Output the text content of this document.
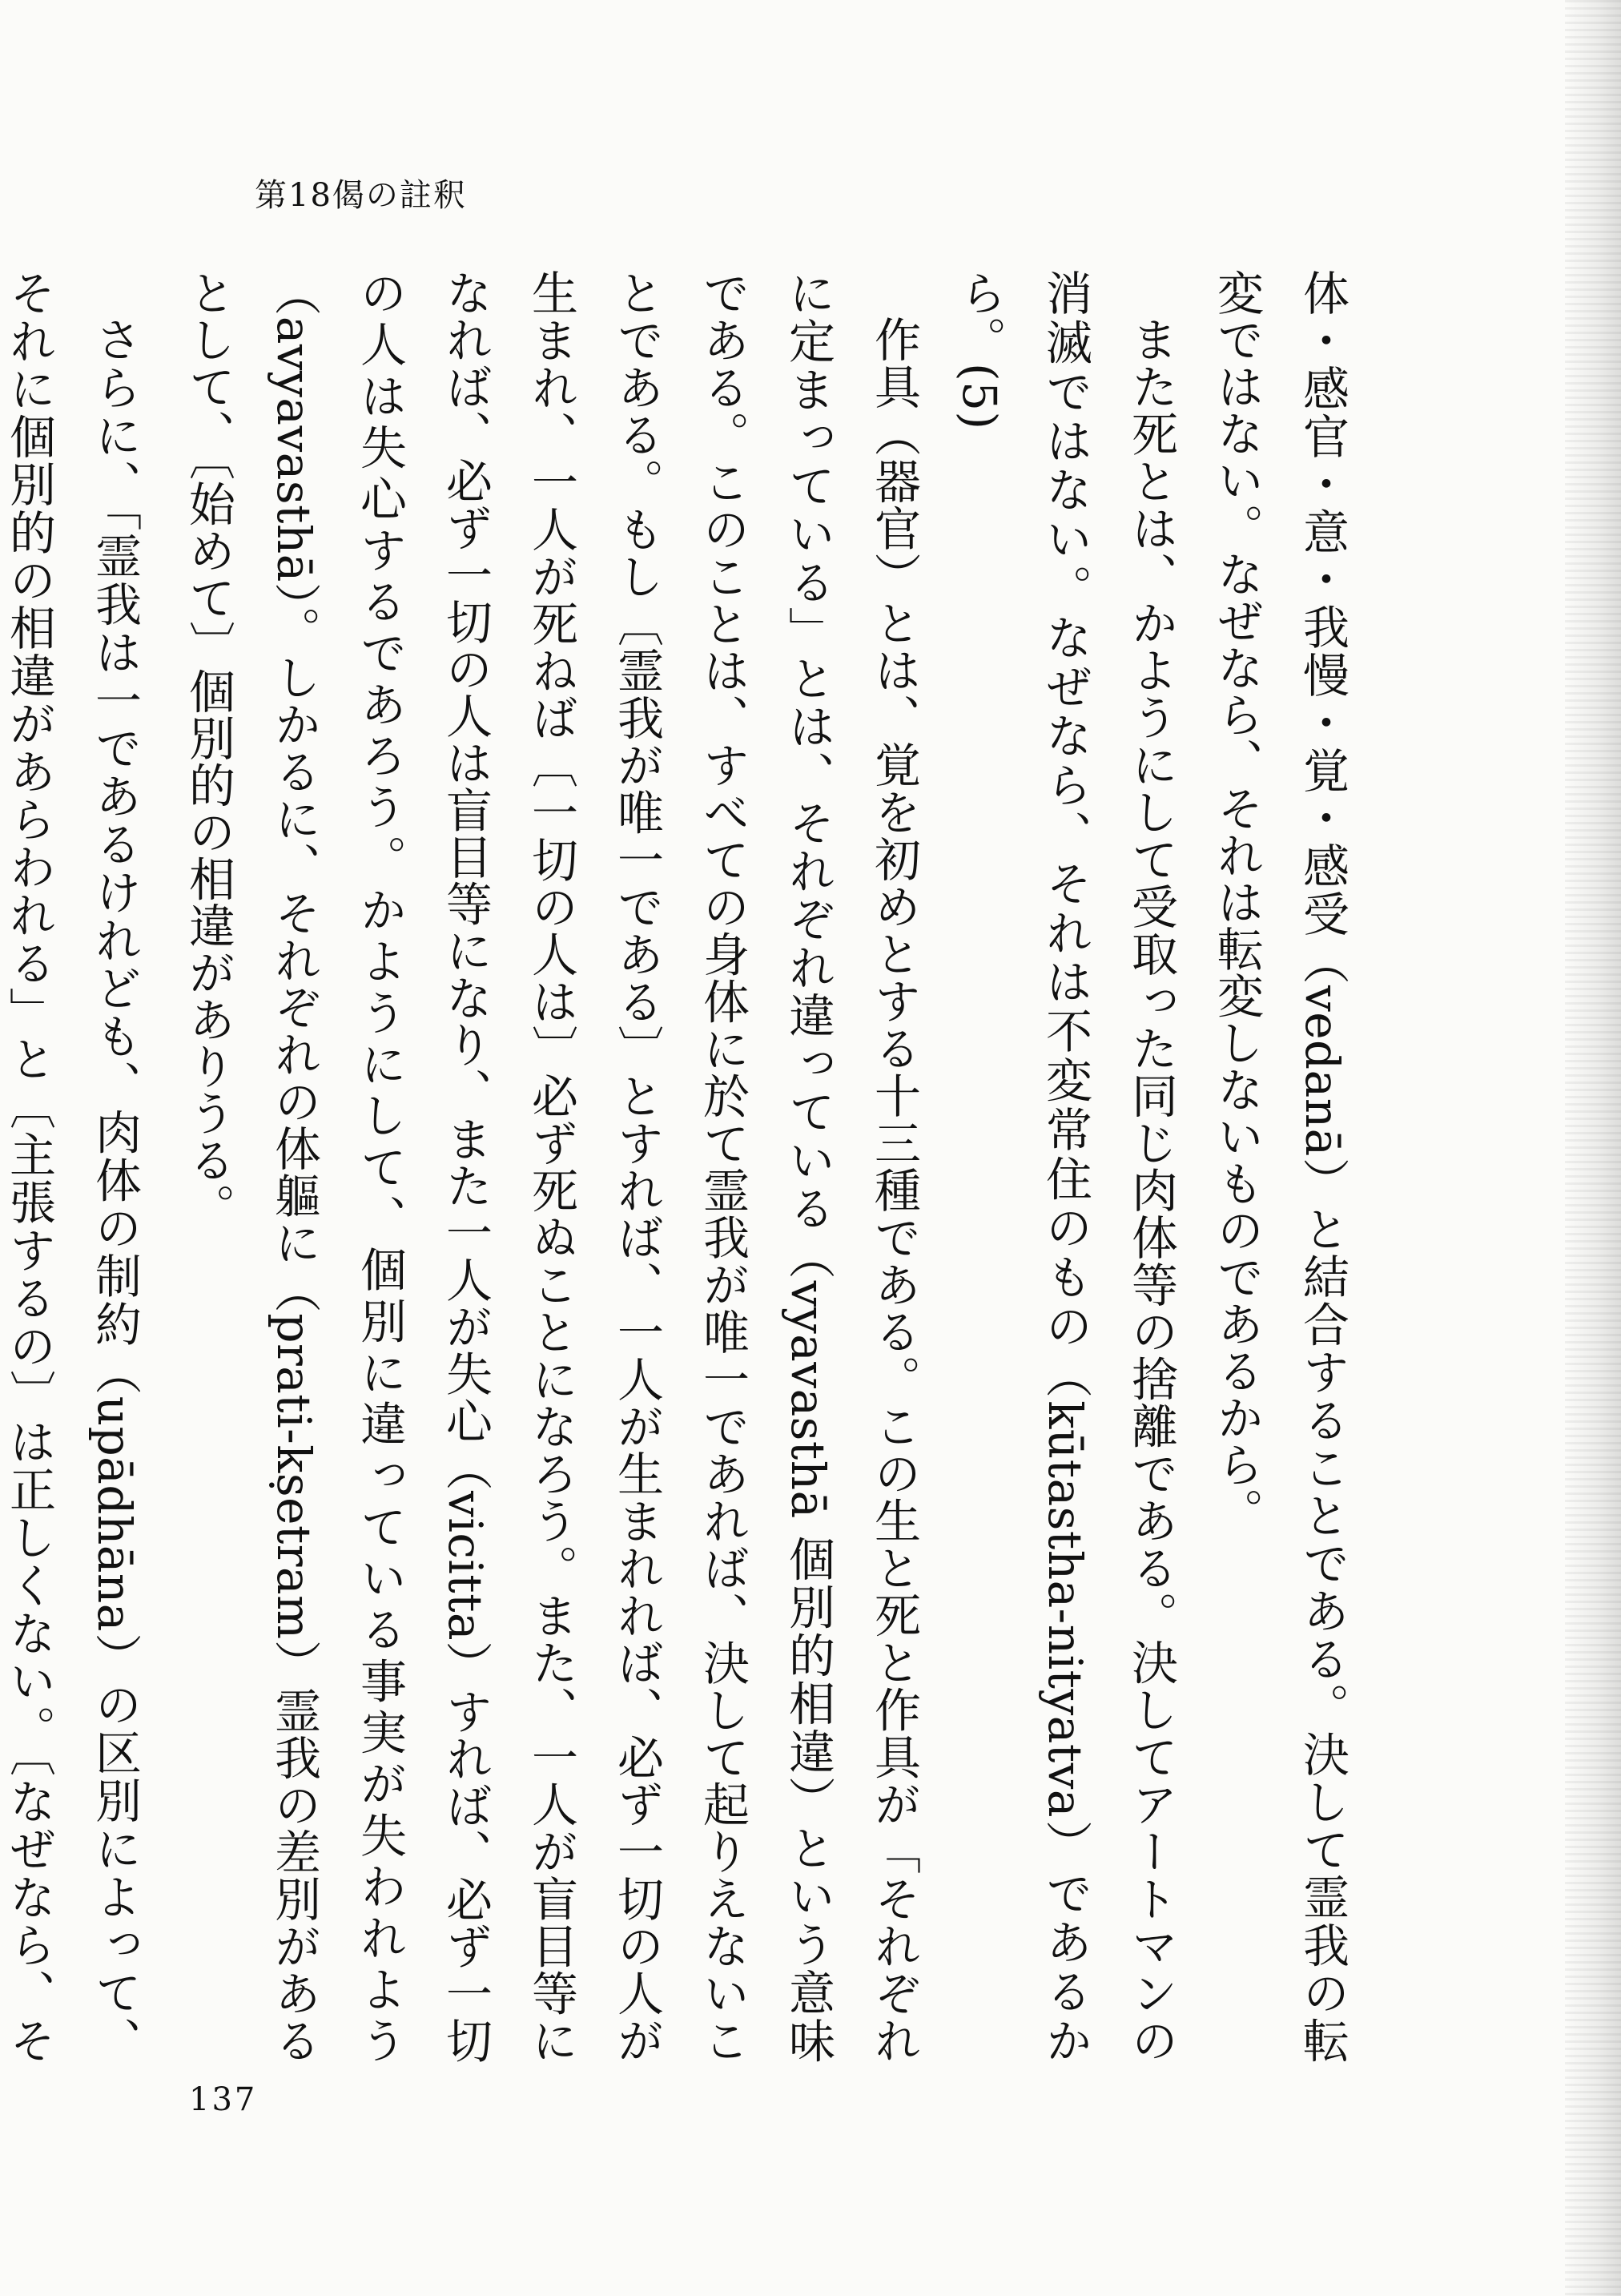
第18偈の註釈

体・感官・意・我慢・覚・感受（vedanā）と結合することである。決して霊我の転変ではない。なぜなら、それは転変しないものであるから。

また死とは、かようにして受取った同じ肉体等の捨離である。決してアートマンの消滅ではない。なぜなら、それは不変常住のもの（kūtastha-nityatva）であるから。(5)

作具（器官）とは、覚を初めとする十三種である。この生と死と作具が「それぞれに定まっている」とは、それぞれ違っている（vyavasthā 個別的相違）という意味である。このことは、すべての身体に於て霊我が唯一であれば、決して起りえないことである。もし〔霊我が唯一である〕とすれば、一人が生まれれば、必ず一切の人が生まれ、一人が死ねば〔一切の人は〕必ず死ぬことになろう。また、一人が盲目等になれば、必ず一切の人は盲目等になり、また一人が失心（vicitta）すれば、必ず一切の人は失心するであろう。かようにして、個別に違っている事実が失われよう（avyavasthā）。しかるに、それぞれの体軀に（prati-kṣetram）霊我の差別があるとして、〔始めて〕個別的の相違がありうる。

さらに、「霊我は一であるけれども、肉体の制約（upādhāna）の区別によって、それに個別的の相違があらわれる」と〔主張するの〕は正しくない。〔なぜなら、そ

137
